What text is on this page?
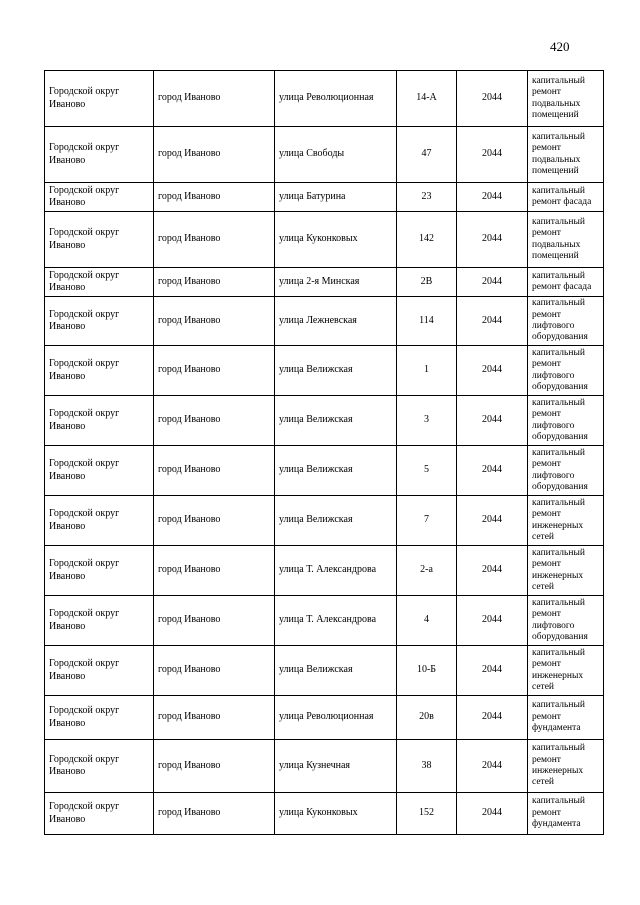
420
Городской округ Иваново	город Иваново	улица Революционная	14-А	2044	капитальный ремонт подвальных помещений
Городской округ Иваново	город Иваново	улица Свободы	47	2044	капитальный ремонт подвальных помещений
Городской округ Иваново	город Иваново	улица Батурина	23	2044	капитальный ремонт фасада
Городской округ Иваново	город Иваново	улица Куконковых	142	2044	капитальный ремонт подвальных помещений
Городской округ Иваново	город Иваново	улица 2-я Минская	2В	2044	капитальный ремонт фасада
Городской округ Иваново	город Иваново	улица Лежневская	114	2044	капитальный ремонт лифтового оборудования
Городской округ Иваново	город Иваново	улица Велижская	1	2044	капитальный ремонт лифтового оборудования
Городской округ Иваново	город Иваново	улица Велижская	3	2044	капитальный ремонт лифтового оборудования
Городской округ Иваново	город Иваново	улица Велижская	5	2044	капитальный ремонт лифтового оборудования
Городской округ Иваново	город Иваново	улица Велижская	7	2044	капитальный ремонт инженерных сетей
Городской округ Иваново	город Иваново	улица Т. Александрова	2-а	2044	капитальный ремонт инженерных сетей
Городской округ Иваново	город Иваново	улица Т. Александрова	4	2044	капитальный ремонт лифтового оборудования
Городской округ Иваново	город Иваново	улица Велижская	10-Б	2044	капитальный ремонт инженерных сетей
Городской округ Иваново	город Иваново	улица Революционная	20в	2044	капитальный ремонт фундамента
Городской округ Иваново	город Иваново	улица Кузнечная	38	2044	капитальный ремонт инженерных сетей
Городской округ Иваново	город Иваново	улица Куконковых	152	2044	капитальный ремонт фундамента
